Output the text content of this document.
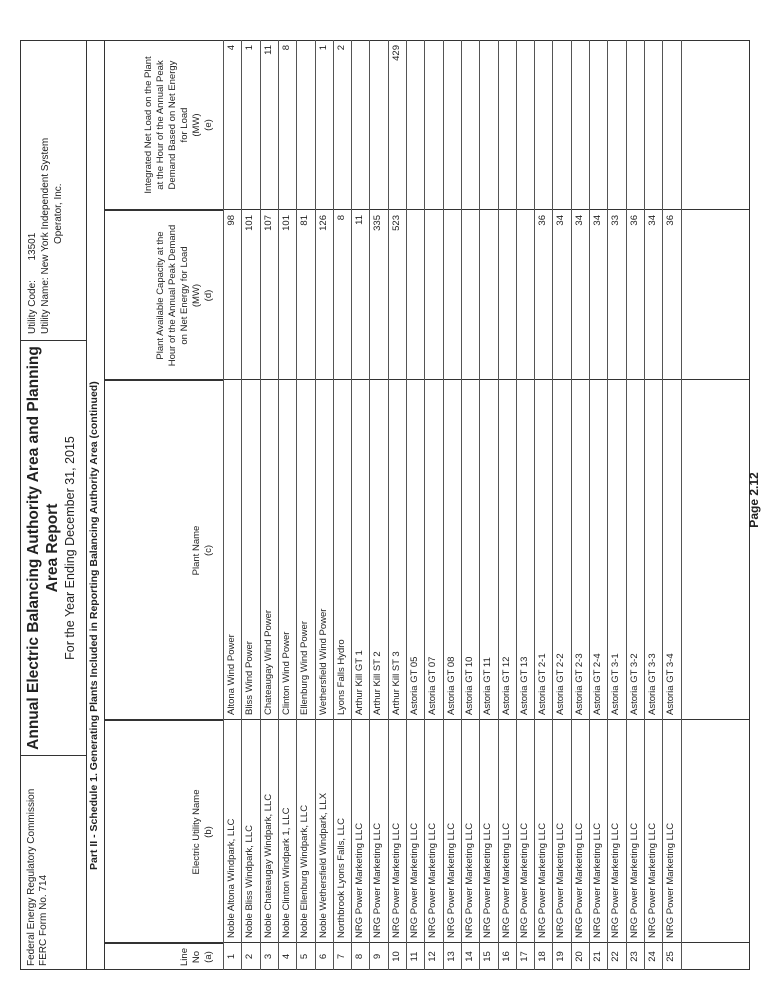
Federal Energy Regulatory Commission FERC Form No. 714
Annual Electric Balancing Authority Area and Planning Area Report For the Year Ending December 31, 2015
Utility Code:  13501
Utility Name: New York Independent System Operator, Inc.
Part II - Schedule 1. Generating Plants Included in Reporting Balancing Authority Area (continued)
Line No (a)
Electric Utility Name (b)
Plant Name (c)
Plant Available Capacity at the Hour of the Annual Peak Demand on Net Energy for Load (MW) (d)
Integrated Net Load on the Plant at the Hour of the Annual Peak Demand Based on Net Energy for Load (MW) (e)
1
Noble Altona Windpark, LLC
Altona Wind Power
98
4
2
Noble Bliss Windpark, LLC
Bliss Wind Power
101
1
3
Noble Chateaugay Windpark, LLC
Chateaugay Wind Power
107
11
4
Noble Clinton Windpark 1, LLC
Clinton Wind Power
101
8
5
Noble Ellenburg Windpark, LLC
Ellenburg Wind Power
81
6
Noble Wethersfield Windpark, LLX
Wethersfield Wind Power
126
1
7
Northbrook Lyons Falls, LLC
Lyons Falls Hydro
8
2
8
NRG Power Marketing LLC
Arthur Kill GT 1
11
9
NRG Power Marketing LLC
Arthur Kill ST 2
335
10
NRG Power Marketing LLC
Arthur Kill ST 3
523
429
11
NRG Power Marketing LLC
Astoria GT 05
12
NRG Power Marketing LLC
Astoria GT 07
13
NRG Power Marketing LLC
Astoria GT 08
14
NRG Power Marketing LLC
Astoria GT 10
15
NRG Power Marketing LLC
Astoria GT 11
16
NRG Power Marketing LLC
Astoria GT 12
17
NRG Power Marketing LLC
Astoria GT 13
18
NRG Power Marketing LLC
Astoria GT 2-1
36
19
NRG Power Marketing LLC
Astoria GT 2-2
34
20
NRG Power Marketing LLC
Astoria GT 2-3
34
21
NRG Power Marketing LLC
Astoria GT 2-4
34
22
NRG Power Marketing LLC
Astoria GT 3-1
33
23
NRG Power Marketing LLC
Astoria GT 3-2
36
24
NRG Power Marketing LLC
Astoria GT 3-3
34
25
NRG Power Marketing LLC
Astoria GT 3-4
36
Page 2.12
